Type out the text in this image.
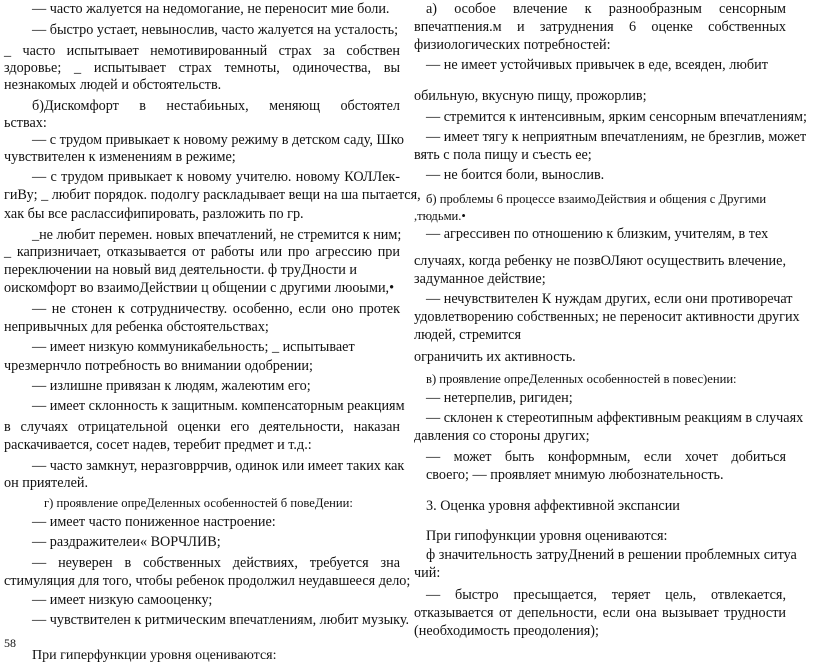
— часто жалуется на недомогание, не переносит мие боли.
— быстро устает, невынослив, часто жалуется на усталость;
_ часто испытывает немотивированный страх за собствен
здоровье; _ испытывает страх темноты, одиночества, вы
незнакомых людей и обстоятельств.
б)Дискомфорт в нестабиьных, меняющ обстоятел
ьствах:
— с трудом привыкает к новому режиму в детском саду, Шко
чувствителен к изменениям в режиме;
— с трудом привыкает к новому учителю. новому КОЛЛек-
гиВу; _ любит порядок. пoдoлгу раскладывает вещи на ша пытается,
хак бы все раслассифипировать, разложить по гр.
_не любит перемен. новых впечатлений, не стремится к ним;
_ капризничает, отказывается от работы или про агрессию при
переключении на новый вид деятельности. ф труДности и
оискомфорт во взаимоДействии ц общении с другими люоыми,•
— не стонен к сотрудничеству. особенно, если оно протек
непривычных для ребенка обстоятельствах;
— имеет низкую коммуникабельность; _ испытывает
чрезмернчло потребность во внимании одобрении;
— излишне привязан к людям, жалеютим его;
— имеет склонность к защитным. компенсаторным реакциям
в случаях отрицательной оценки его деятельности, наказан
раскачивается, сосет надев, теребит предмет и т.д.:
— часто замкнут, неразговррчив, одинок или имеет таких как
он приятелей.
г) проявление опреДеленных особенностей б повеДении:
— имеет часто пониженное настроение:
— раздражителеи« ВОРЧЛИВ;
— неуверен в собственных действиях, требуется зна
стимуляция для того, чтобы ребенок продолжил неудавшееся дело;
— имеет низкую самооценку;
— чувствителен к ритмическим впечатлениям, любит музыку.
а) особое влечение к разнообразным сенсорным
впечатпения.м и затруднения 6 оценке собственных
физиологических потребностей:
— не имеет устойчивых привычек в еде, всеяден, любит
обильную, вкусную пищу, прожорлив;
— стремится к интенсивным, ярким сенсорным впечатлениям;
— имеет тягу к неприятным впечатлениям, не брезглив, может
вять с пола пищу и съесть ее;
— не боится боли, вынослив.
б) проблемы 6 процессе взаимоДействия и общения с Другими
,тюдьми.•
— агрессивен по отношению к близким, учителям, в тех
случаях, когда ребенку не позвОЛяют осуществить влечение,
задуманное действие;
— нечувствителен К нуждам других, если они противоречат
удовлетворению собственных; не переносит активности других
людей, стремится
ограничить их активность.
в) проявление опреДеленных особенностей в повес)ении:
— нетерпелив, ригиден;
— склонен к стереотипным аффективным реакциям в случаях
давления со стороны других;
— может быть конформным, если хочет добиться
своего; — проявляет мнимую любознательность.
3. Оценка уровня аффективной экспансии
При гипофункции уровня оцениваются:
ф значительность затруДнений в решении проблемных ситуа
чий:
— быстро пресыщается, теряет цель, отвлекается,
отказывается от депельности, если она вызывает трудности
(необходимость преодоления);
58
При гиперфункции уровня оцениваются:
